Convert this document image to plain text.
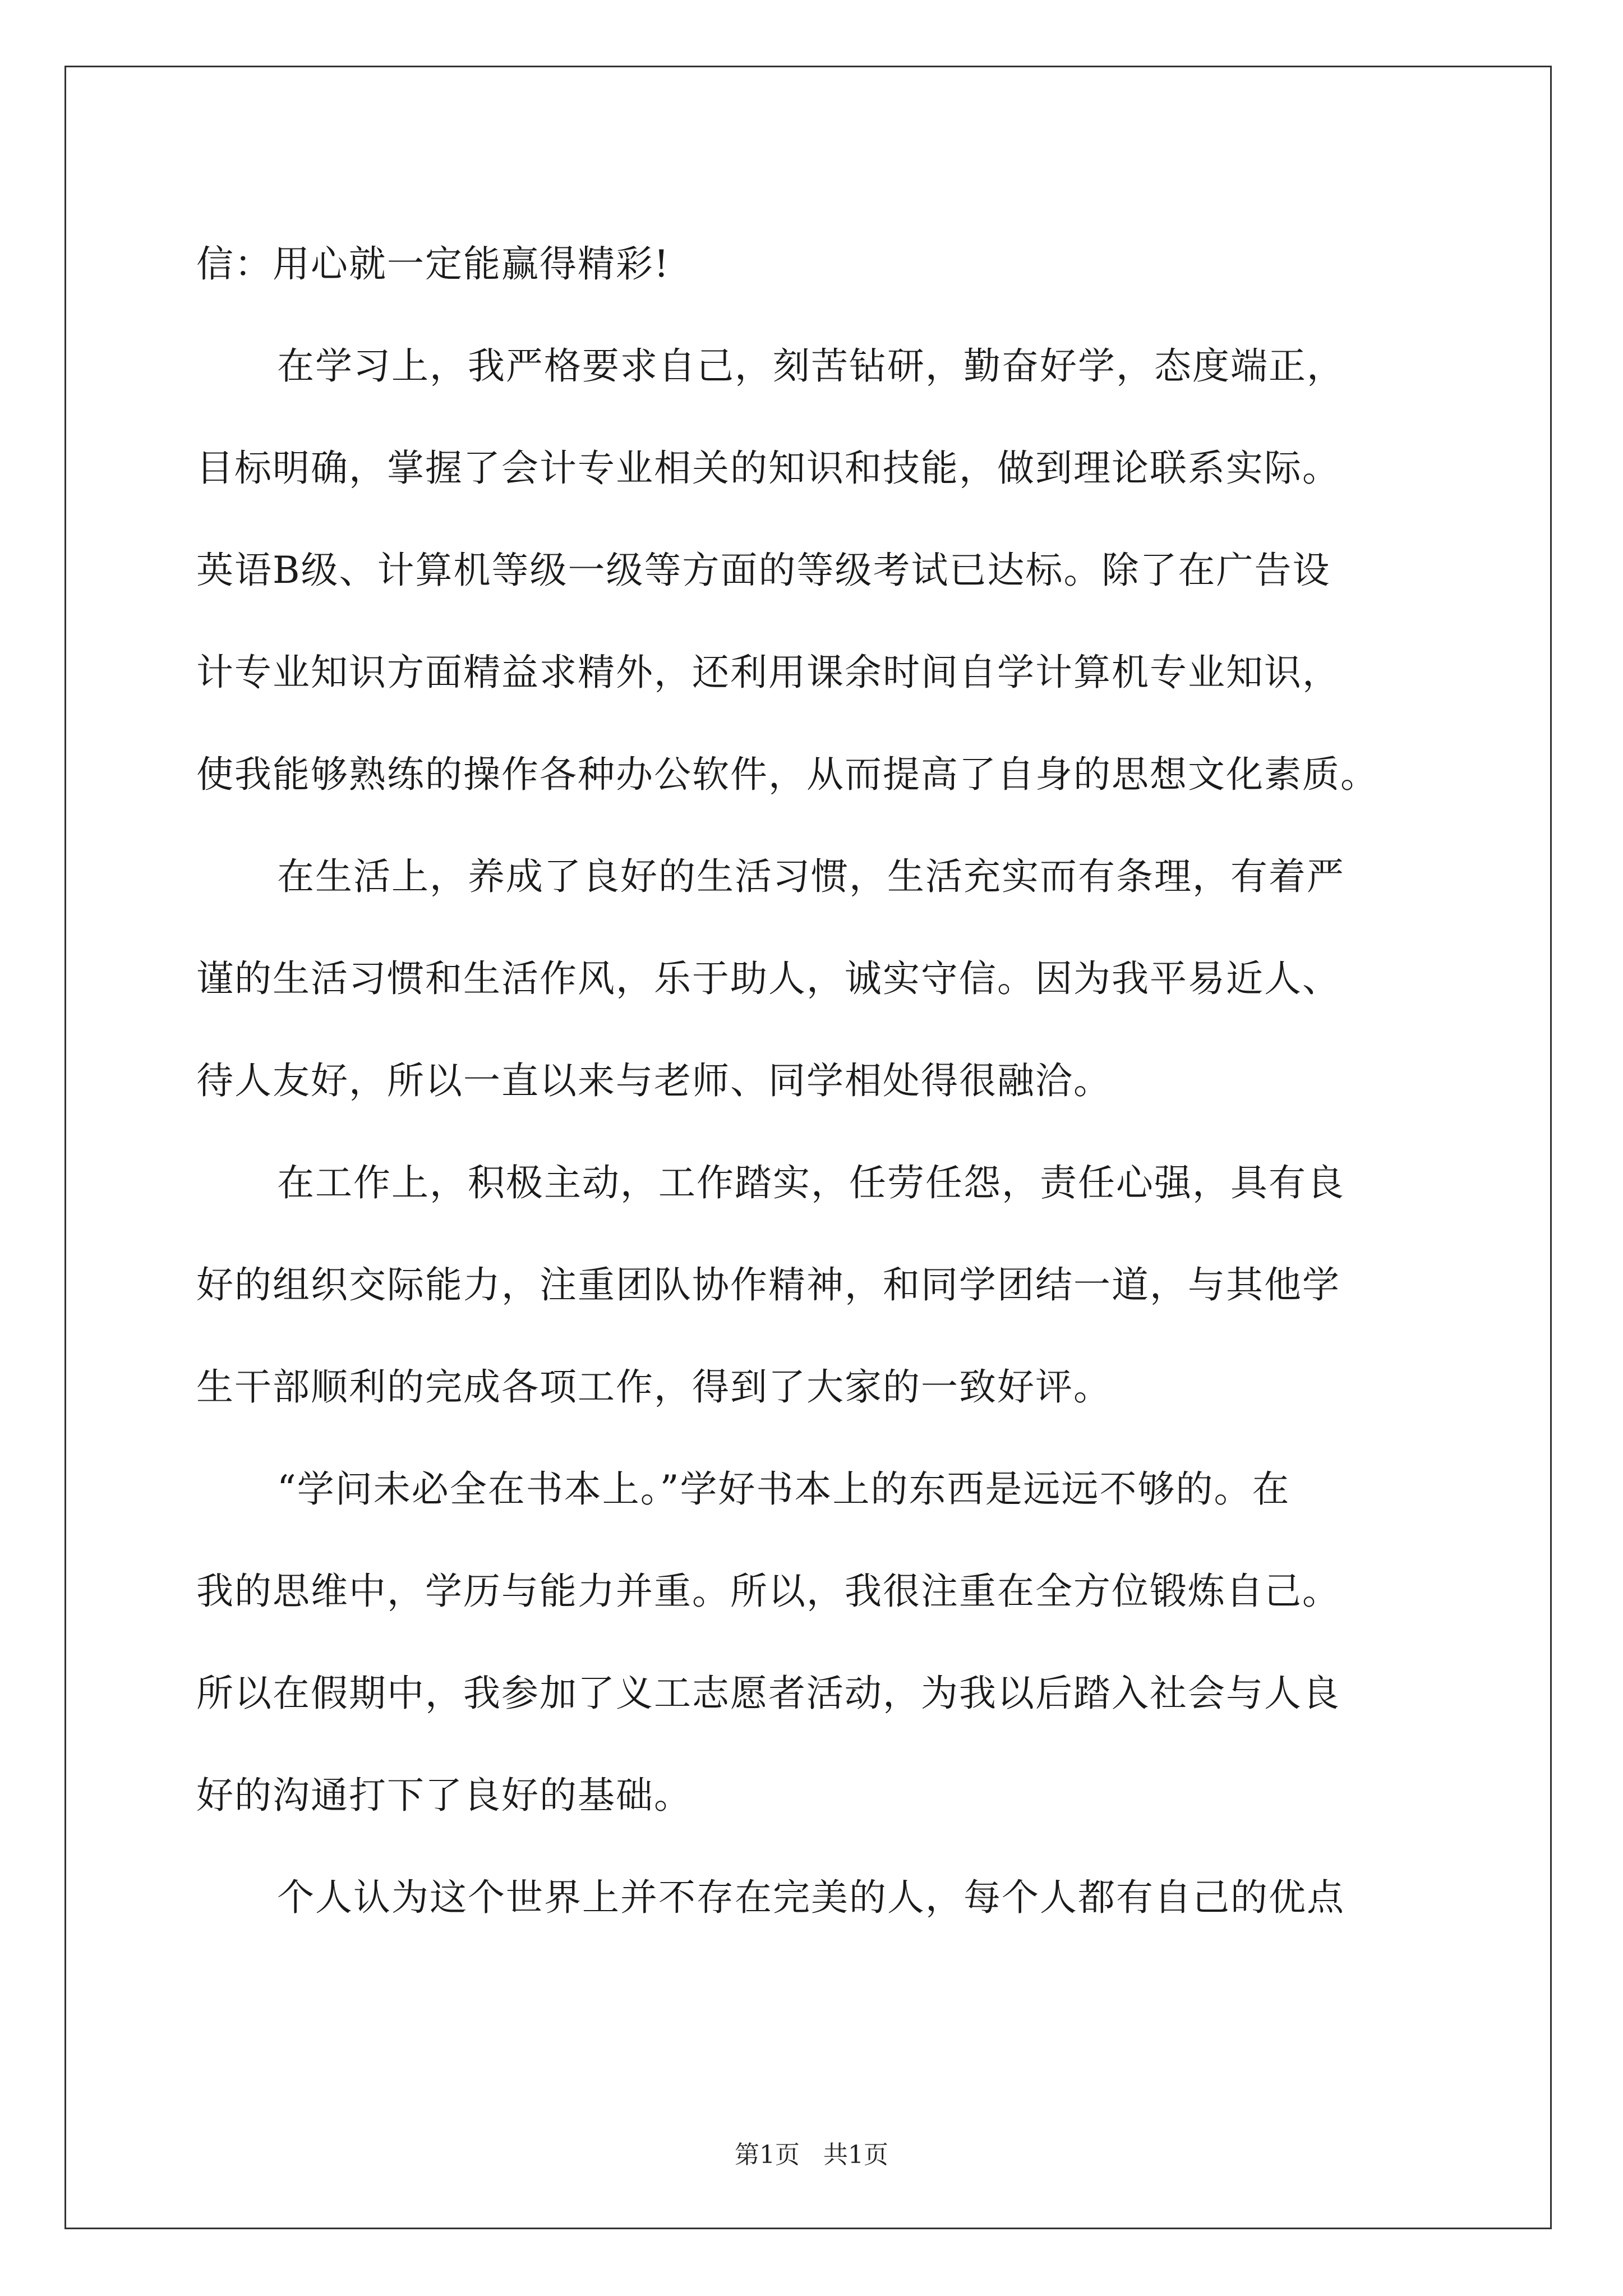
信：用心就一定能赢得精彩!
在学习上，我严格要求自己，刻苦钻研，勤奋好学，态度端正，
目标明确，掌握了会计专业相关的知识和技能，做到理论联系实际。
英语B级、计算机等级一级等方面的等级考试已达标。除了在广告设
计专业知识方面精益求精外，还利用课余时间自学计算机专业知识，
使我能够熟练的操作各种办公软件，从而提高了自身的思想文化素质。
在生活上，养成了良好的生活习惯，生活充实而有条理，有着严
谨的生活习惯和生活作风，乐于助人，诚实守信。因为我平易近人、
待人友好，所以一直以来与老师、同学相处得很融洽。
在工作上，积极主动，工作踏实，任劳任怨，责任心强，具有良
好的组织交际能力，注重团队协作精神，和同学团结一道，与其他学
生干部顺利的完成各项工作，得到了大家的一致好评。
“学问未必全在书本上。”学好书本上的东西是远远不够的。在
我的思维中，学历与能力并重。所以，我很注重在全方位锻炼自己。
所以在假期中，我参加了义工志愿者活动，为我以后踏入社会与人良
好的沟通打下了良好的基础。
个人认为这个世界上并不存在完美的人，每个人都有自己的优点
第1页 共1页
